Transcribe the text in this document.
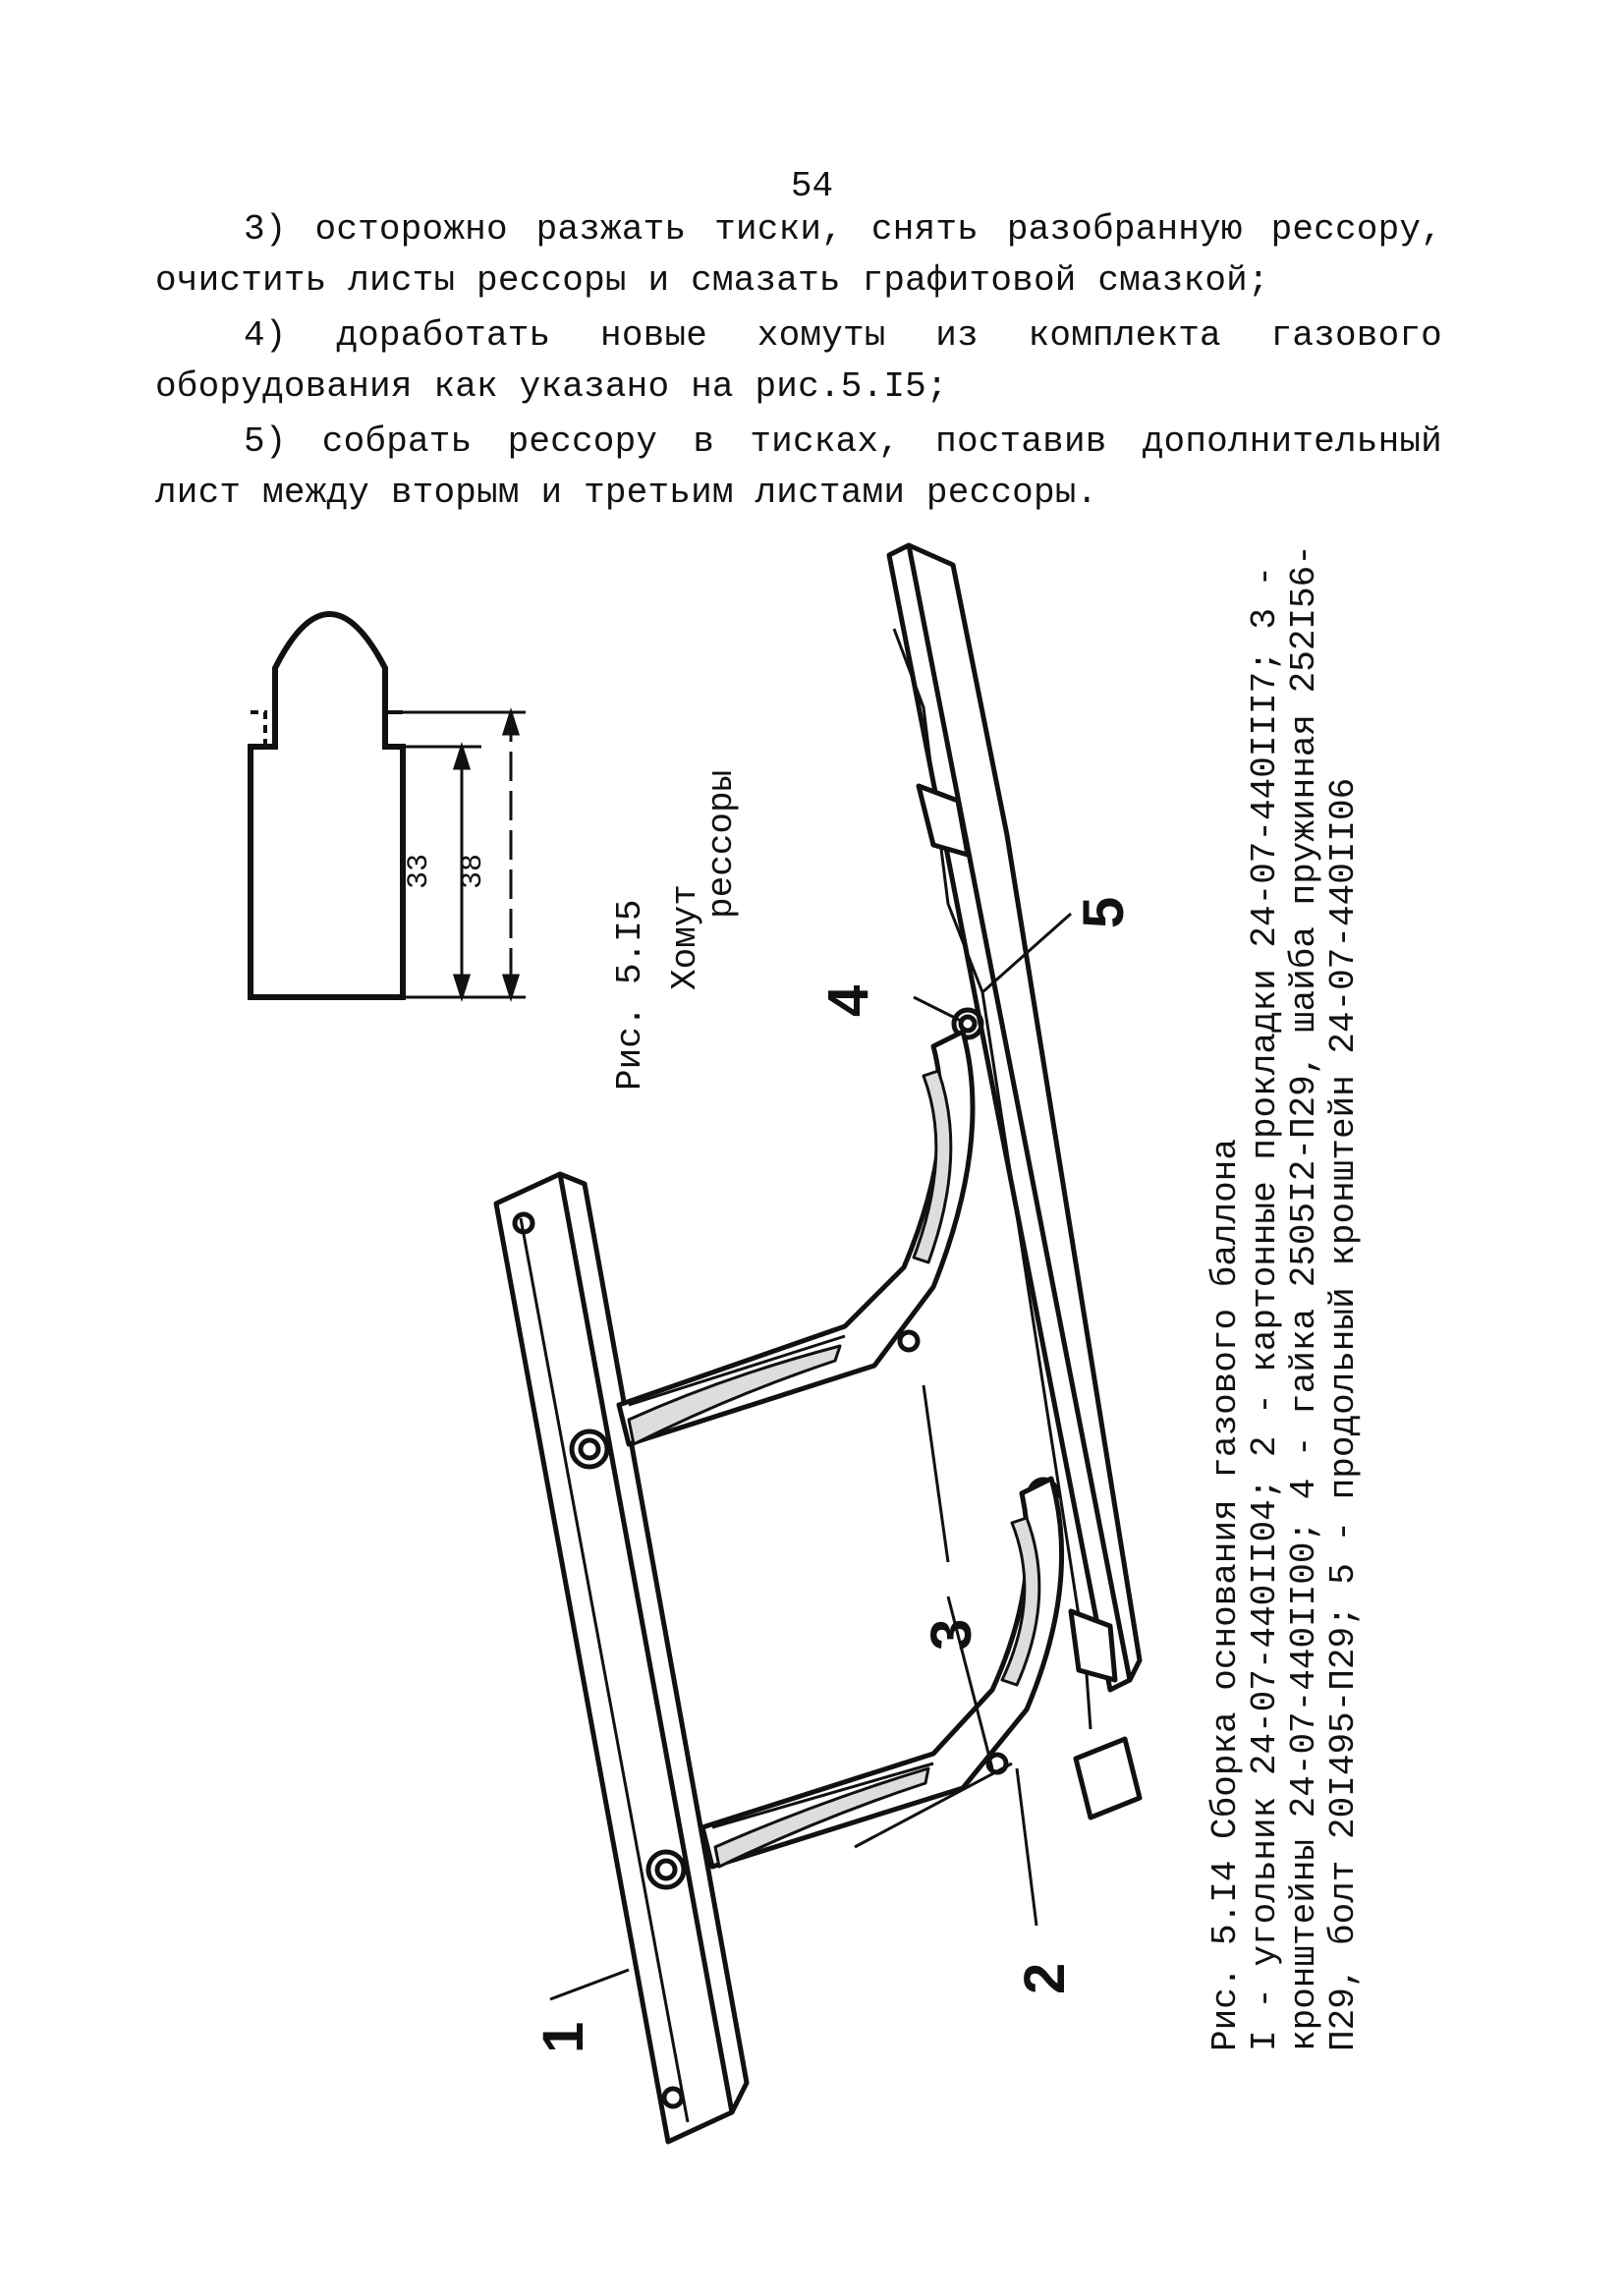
54

3) осторожно разжать тиски, снять разобранную рессору, очистить листы рессоры и смазать графитовой смазкой;

4) доработать новые хомуты из комплекта газового оборудования как указано на рис.5.I5;

5) собрать рессору в тисках, поставив дополнительный лист между вторым и третьим листами рессоры.

33 38
Рис. 5.I5 Хомут
рессоры
1
2
3
4
5
Рис. 5.I4 Сборка основания газового баллона I - угольник 24-07-440II04; 2 - картонные прокладки 24-07-440III7; 3 - кронштейны 24-07-440II00; 4 - гайка 2505I2-П29, шайба пружинная 252I56- П29, болт 20I495-П29; 5 - продольный кронштейн 24-07-440II06
